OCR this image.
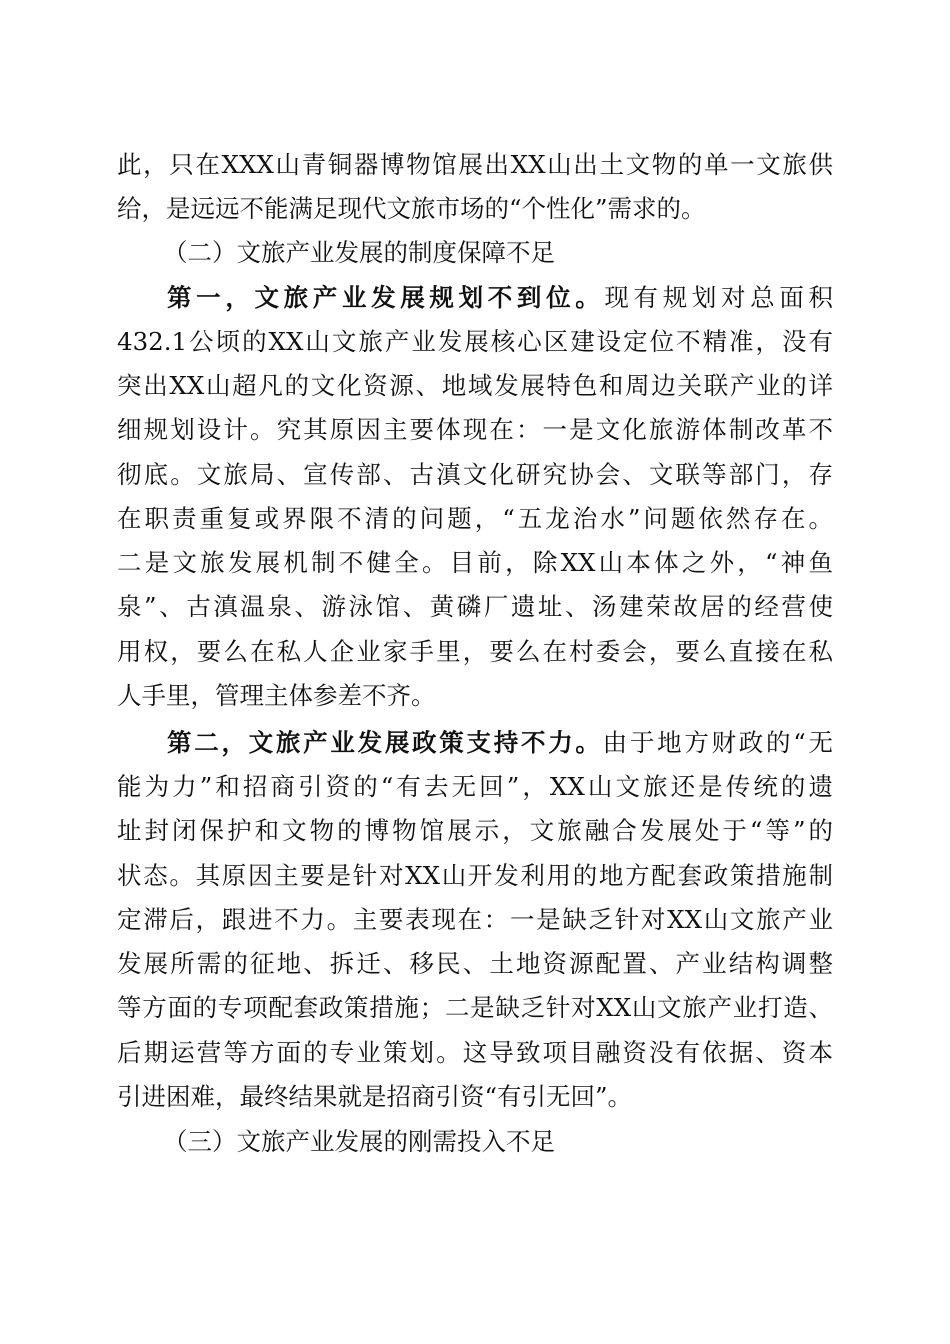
此，只在XXX山青铜器博物馆展出XX山出土文物的单一文旅供
给，是远远不能满足现代文旅市场的“个性化”需求的。
（二）文旅产业发展的制度保障不足
第一，文旅产业发展规划不到位。现有规划对总面积
432.1公顷的XX山文旅产业发展核心区建设定位不精准，没有
突出XX山超凡的文化资源、地域发展特色和周边关联产业的详
细规划设计。究其原因主要体现在：一是文化旅游体制改革不
彻底。文旅局、宣传部、古滇文化研究协会、文联等部门，存
在职责重复或界限不清的问题，“五龙治水”问题依然存在。
二是文旅发展机制不健全。目前，除XX山本体之外，“神鱼
泉”、古滇温泉、游泳馆、黄磷厂遗址、汤建荣故居的经营使
用权，要么在私人企业家手里，要么在村委会，要么直接在私
人手里，管理主体参差不齐。
第二，文旅产业发展政策支持不力。由于地方财政的“无
能为力”和招商引资的“有去无回”，XX山文旅还是传统的遗
址封闭保护和文物的博物馆展示，文旅融合发展处于“等”的
状态。其原因主要是针对XX山开发利用的地方配套政策措施制
定滞后，跟进不力。主要表现在：一是缺乏针对XX山文旅产业
发展所需的征地、拆迁、移民、土地资源配置、产业结构调整
等方面的专项配套政策措施；二是缺乏针对XX山文旅产业打造、
后期运营等方面的专业策划。这导致项目融资没有依据、资本
引进困难，最终结果就是招商引资“有引无回”。
（三）文旅产业发展的刚需投入不足
